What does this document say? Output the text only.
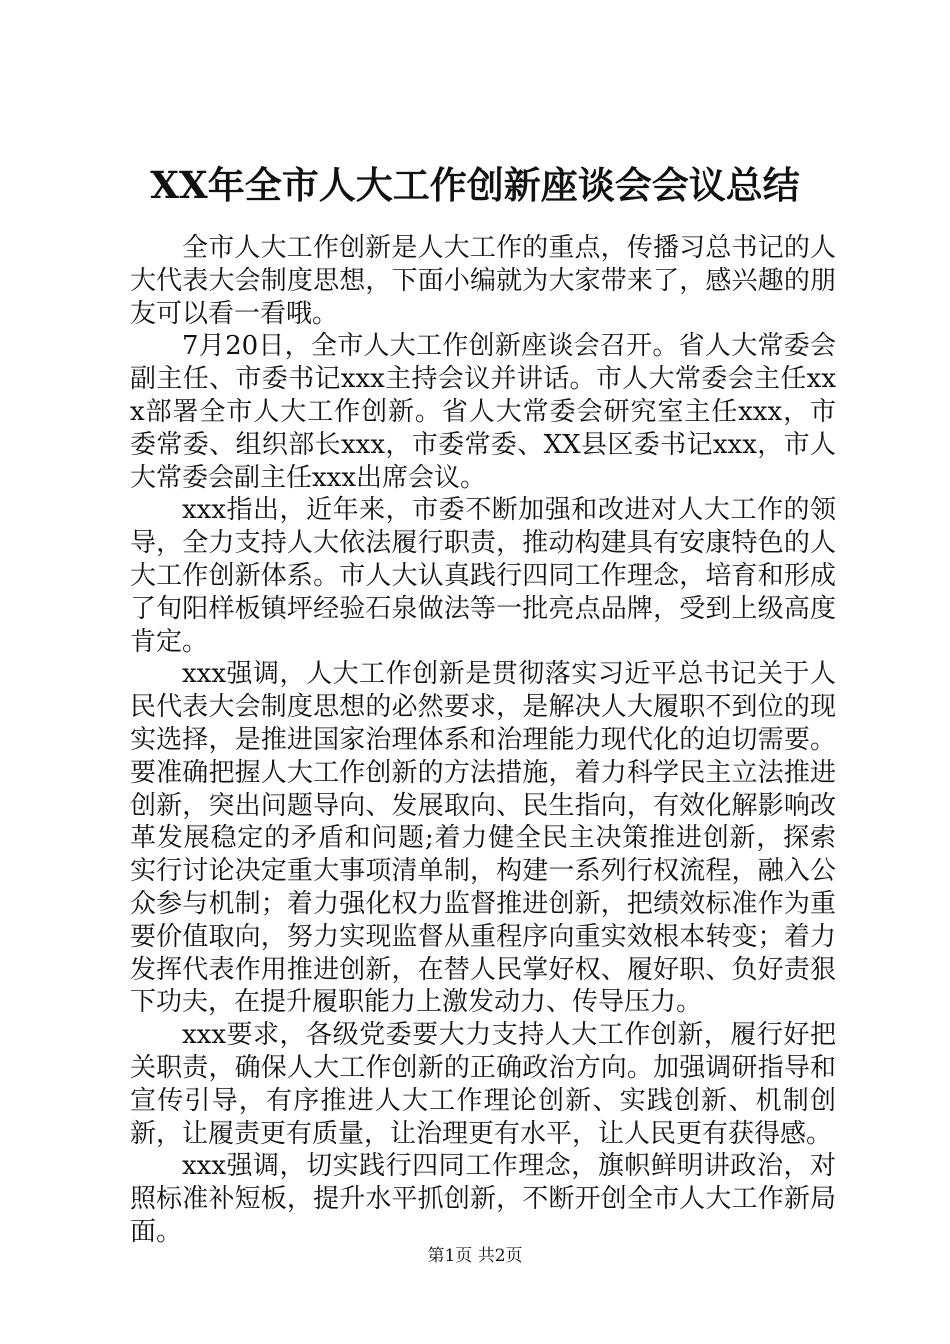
XX年全市人大工作创新座谈会会议总结

全市人大工作创新是人大工作的重点，传播习总书记的人大代表大会制度思想，下面小编就为大家带来了，感兴趣的朋友可以看一看哦。

7月20日，全市人大工作创新座谈会召开。省人大常委会副主任、市委书记xxx主持会议并讲话。市人大常委会主任xxx部署全市人大工作创新。省人大常委会研究室主任xxx，市委常委、组织部长xxx，市委常委、XX县区委书记xxx，市人大常委会副主任xxx出席会议。

xxx指出，近年来，市委不断加强和改进对人大工作的领导，全力支持人大依法履行职责，推动构建具有安康特色的人大工作创新体系。市人大认真践行四同工作理念，培育和形成了旬阳样板镇坪经验石泉做法等一批亮点品牌，受到上级高度肯定。

xxx强调，人大工作创新是贯彻落实习近平总书记关于人民代表大会制度思想的必然要求，是解决人大履职不到位的现实选择，是推进国家治理体系和治理能力现代化的迫切需要。要准确把握人大工作创新的方法措施，着力科学民主立法推进创新，突出问题导向、发展取向、民生指向，有效化解影响改革发展稳定的矛盾和问题;着力健全民主决策推进创新，探索实行讨论决定重大事项清单制，构建一系列行权流程，融入公众参与机制；着力强化权力监督推进创新，把绩效标准作为重要价值取向，努力实现监督从重程序向重实效根本转变；着力发挥代表作用推进创新，在替人民掌好权、履好职、负好责狠下功夫，在提升履职能力上激发动力、传导压力。

xxx要求，各级党委要大力支持人大工作创新，履行好把关职责，确保人大工作创新的正确政治方向。加强调研指导和宣传引导，有序推进人大工作理论创新、实践创新、机制创新，让履责更有质量，让治理更有水平，让人民更有获得感。

xxx强调，切实践行四同工作理念，旗帜鲜明讲政治，对照标准补短板，提升水平抓创新，不断开创全市人大工作新局面。

第1页 共2页
